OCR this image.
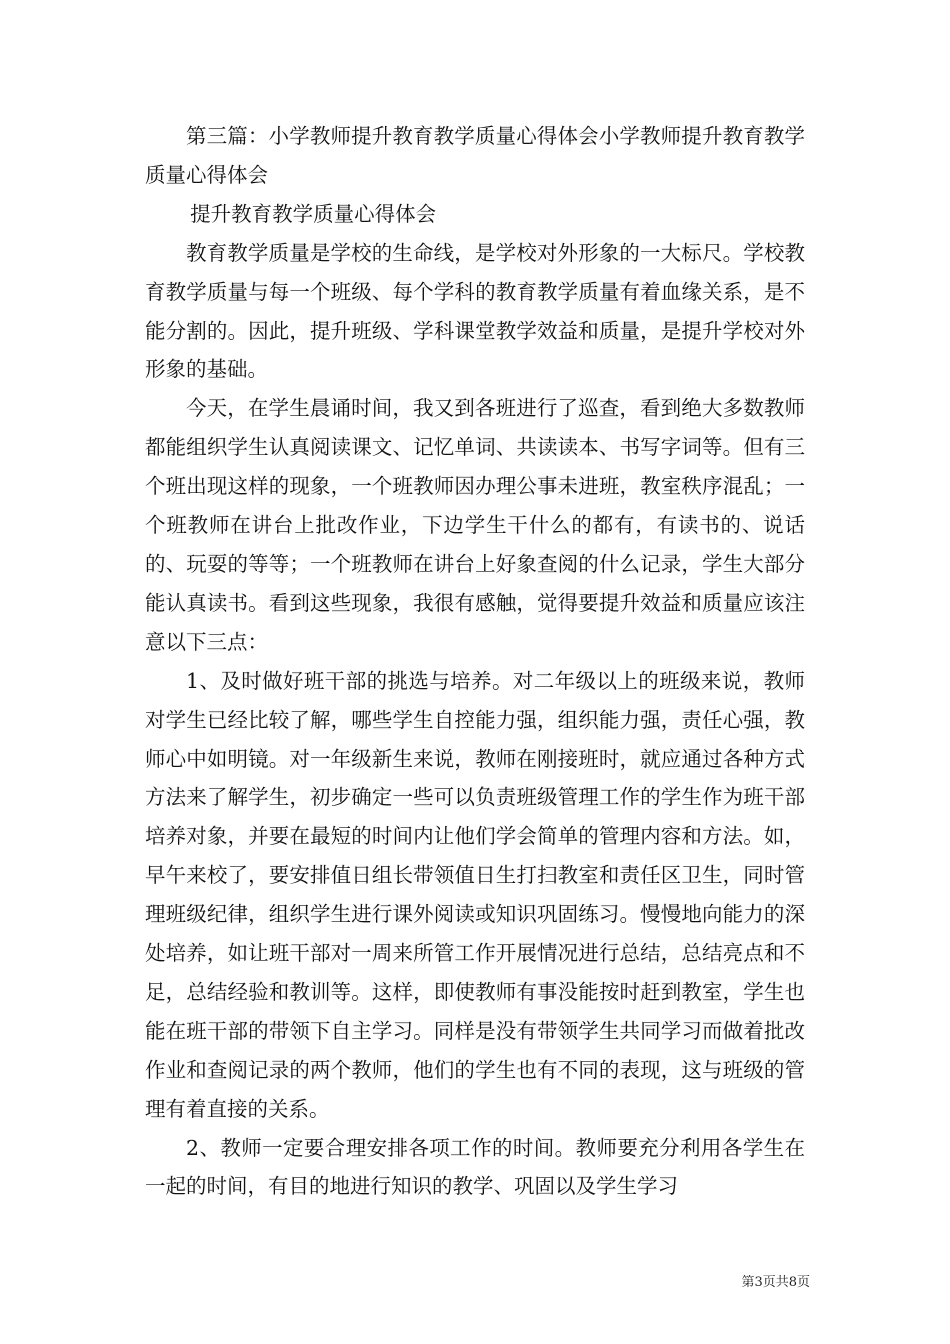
第三篇：小学教师提升教育教学质量心得体会小学教师提升教育教学质量心得体会

提升教育教学质量心得体会

教育教学质量是学校的生命线，是学校对外形象的一大标尺。学校教育教学质量与每一个班级、每个学科的教育教学质量有着血缘关系，是不能分割的。因此，提升班级、学科课堂教学效益和质量，是提升学校对外形象的基础。

今天，在学生晨诵时间，我又到各班进行了巡查，看到绝大多数教师都能组织学生认真阅读课文、记忆单词、共读读本、书写字词等。但有三个班出现这样的现象，一个班教师因办理公事未进班，教室秩序混乱；一个班教师在讲台上批改作业，下边学生干什么的都有，有读书的、说话的、玩耍的等等；一个班教师在讲台上好象查阅的什么记录，学生大部分能认真读书。看到这些现象，我很有感触，觉得要提升效益和质量应该注意以下三点：

1、及时做好班干部的挑选与培养。对二年级以上的班级来说，教师对学生已经比较了解，哪些学生自控能力强，组织能力强，责任心强，教师心中如明镜。对一年级新生来说，教师在刚接班时，就应通过各种方式方法来了解学生，初步确定一些可以负责班级管理工作的学生作为班干部培养对象，并要在最短的时间内让他们学会简单的管理内容和方法。如，早午来校了，要安排值日组长带领值日生打扫教室和责任区卫生，同时管理班级纪律，组织学生进行课外阅读或知识巩固练习。慢慢地向能力的深处培养，如让班干部对一周来所管工作开展情况进行总结，总结亮点和不足，总结经验和教训等。这样，即使教师有事没能按时赶到教室，学生也能在班干部的带领下自主学习。同样是没有带领学生共同学习而做着批改作业和查阅记录的两个教师，他们的学生也有不同的表现，这与班级的管理有着直接的关系。

2、教师一定要合理安排各项工作的时间。教师要充分利用各学生在一起的时间，有目的地进行知识的教学、巩固以及学生学习

第3页共8页
